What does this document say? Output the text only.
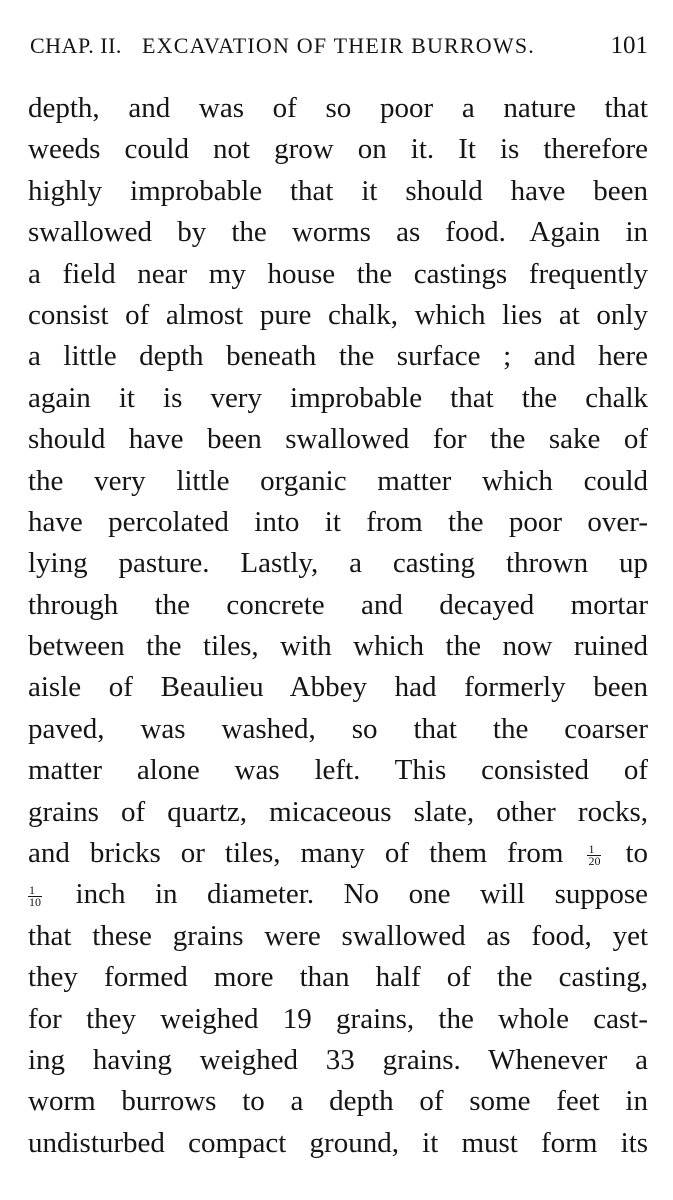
CHAP. II. EXCAVATION OF THEIR BURROWS.	101
depth, and was of so poor a nature that
weeds could not grow on it. It is therefore
highly improbable that it should have been
swallowed by the worms as food. Again in
a field near my house the castings frequently
consist of almost pure chalk, which lies at only
a little depth beneath the surface ; and here
again it is very improbable that the chalk
should have been swallowed for the sake of
the very little organic matter which could
have percolated into it from the poor over-
lying pasture. Lastly, a casting thrown up
through the concrete and decayed mortar
between the tiles, with which the now ruined
aisle of Beaulieu Abbey had formerly been
paved, was washed, so that the coarser
matter alone was left. This consisted of
grains of quartz, micaceous slate, other rocks,
and bricks or tiles, many of them from $\frac{1}{20}$ to
$\frac{1}{10}$ inch in diameter. No one will suppose
that these grains were swallowed as food, yet
they formed more than half of the casting,
for they weighed 19 grains, the whole cast-
ing having weighed 33 grains. Whenever a
worm burrows to a depth of some feet in
undisturbed compact ground, it must form its
